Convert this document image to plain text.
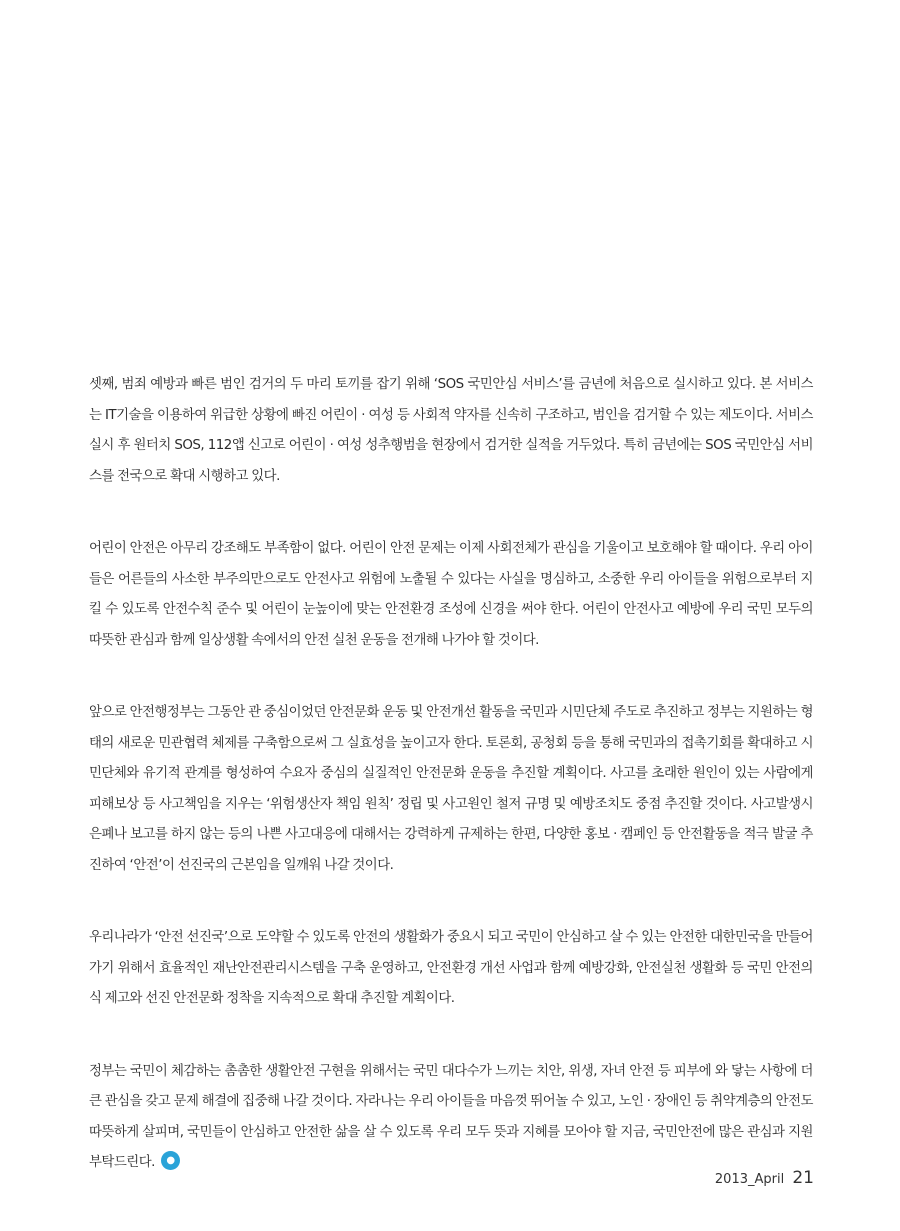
셋째, 범죄 예방과 빠른 범인 검거의 두 마리 토끼를 잡기 위해 ‘SOS 국민안심 서비스’를 금년에 처음으로 실시하고 있다. 본 서비스는 IT기술을 이용하여 위급한 상황에 빠진 어린이 · 여성 등 사회적 약자를 신속히 구조하고, 범인을 검거할 수 있는 제도이다. 서비스 실시 후 원터치 SOS, 112앱 신고로 어린이 · 여성 성추행범을 현장에서 검거한 실적을 거두었다. 특히 금년에는 SOS 국민안심 서비스를 전국으로 확대 시행하고 있다.

어린이 안전은 아무리 강조해도 부족함이 없다. 어린이 안전 문제는 이제 사회전체가 관심을 기울이고 보호해야 할 때이다. 우리 아이들은 어른들의 사소한 부주의만으로도 안전사고 위험에 노출될 수 있다는 사실을 명심하고, 소중한 우리 아이들을 위험으로부터 지킬 수 있도록 안전수칙 준수 및 어린이 눈높이에 맞는 안전환경 조성에 신경을 써야 한다. 어린이 안전사고 예방에 우리 국민 모두의 따뜻한 관심과 함께 일상생활 속에서의 안전 실천 운동을 전개해 나가야 할 것이다.

앞으로 안전행정부는 그동안 관 중심이었던 안전문화 운동 및 안전개선 활동을 국민과 시민단체 주도로 추진하고 정부는 지원하는 형태의 새로운 민관협력 체제를 구축함으로써 그 실효성을 높이고자 한다. 토론회, 공청회 등을 통해 국민과의 접촉기회를 확대하고 시민단체와 유기적 관계를 형성하여 수요자 중심의 실질적인 안전문화 운동을 추진할 계획이다. 사고를 초래한 원인이 있는 사람에게 피해보상 등 사고책임을 지우는 ‘위험생산자 책임 원칙’ 정립 및 사고원인 철저 규명 및 예방조치도 중점 추진할 것이다. 사고발생시 은폐나 보고를 하지 않는 등의 나쁜 사고대응에 대해서는 강력하게 규제하는 한편, 다양한 홍보 · 캠페인 등 안전활동을 적극 발굴 추진하여 ‘안전’이 선진국의 근본임을 일깨워 나갈 것이다.

우리나라가 ‘안전 선진국’으로 도약할 수 있도록 안전의 생활화가 중요시 되고 국민이 안심하고 살 수 있는 안전한 대한민국을 만들어 가기 위해서 효율적인 재난안전관리시스템을 구축 운영하고, 안전환경 개선 사업과 함께 예방강화, 안전실천 생활화 등 국민 안전의식 제고와 선진 안전문화 정착을 지속적으로 확대 추진할 계획이다.

정부는 국민이 체감하는 촘촘한 생활안전 구현을 위해서는 국민 대다수가 느끼는 치안, 위생, 자녀 안전 등 피부에 와 닿는 사항에 더 큰 관심을 갖고 문제 해결에 집중해 나갈 것이다. 자라나는 우리 아이들을 마음껏 뛰어놀 수 있고, 노인 · 장애인 등 취약계층의 안전도 따뜻하게 살피며, 국민들이 안심하고 안전한 삶을 살 수 있도록 우리 모두 뜻과 지혜를 모아야 할 지금, 국민안전에 많은 관심과 지원 부탁드린다.	●

2013_April 21
